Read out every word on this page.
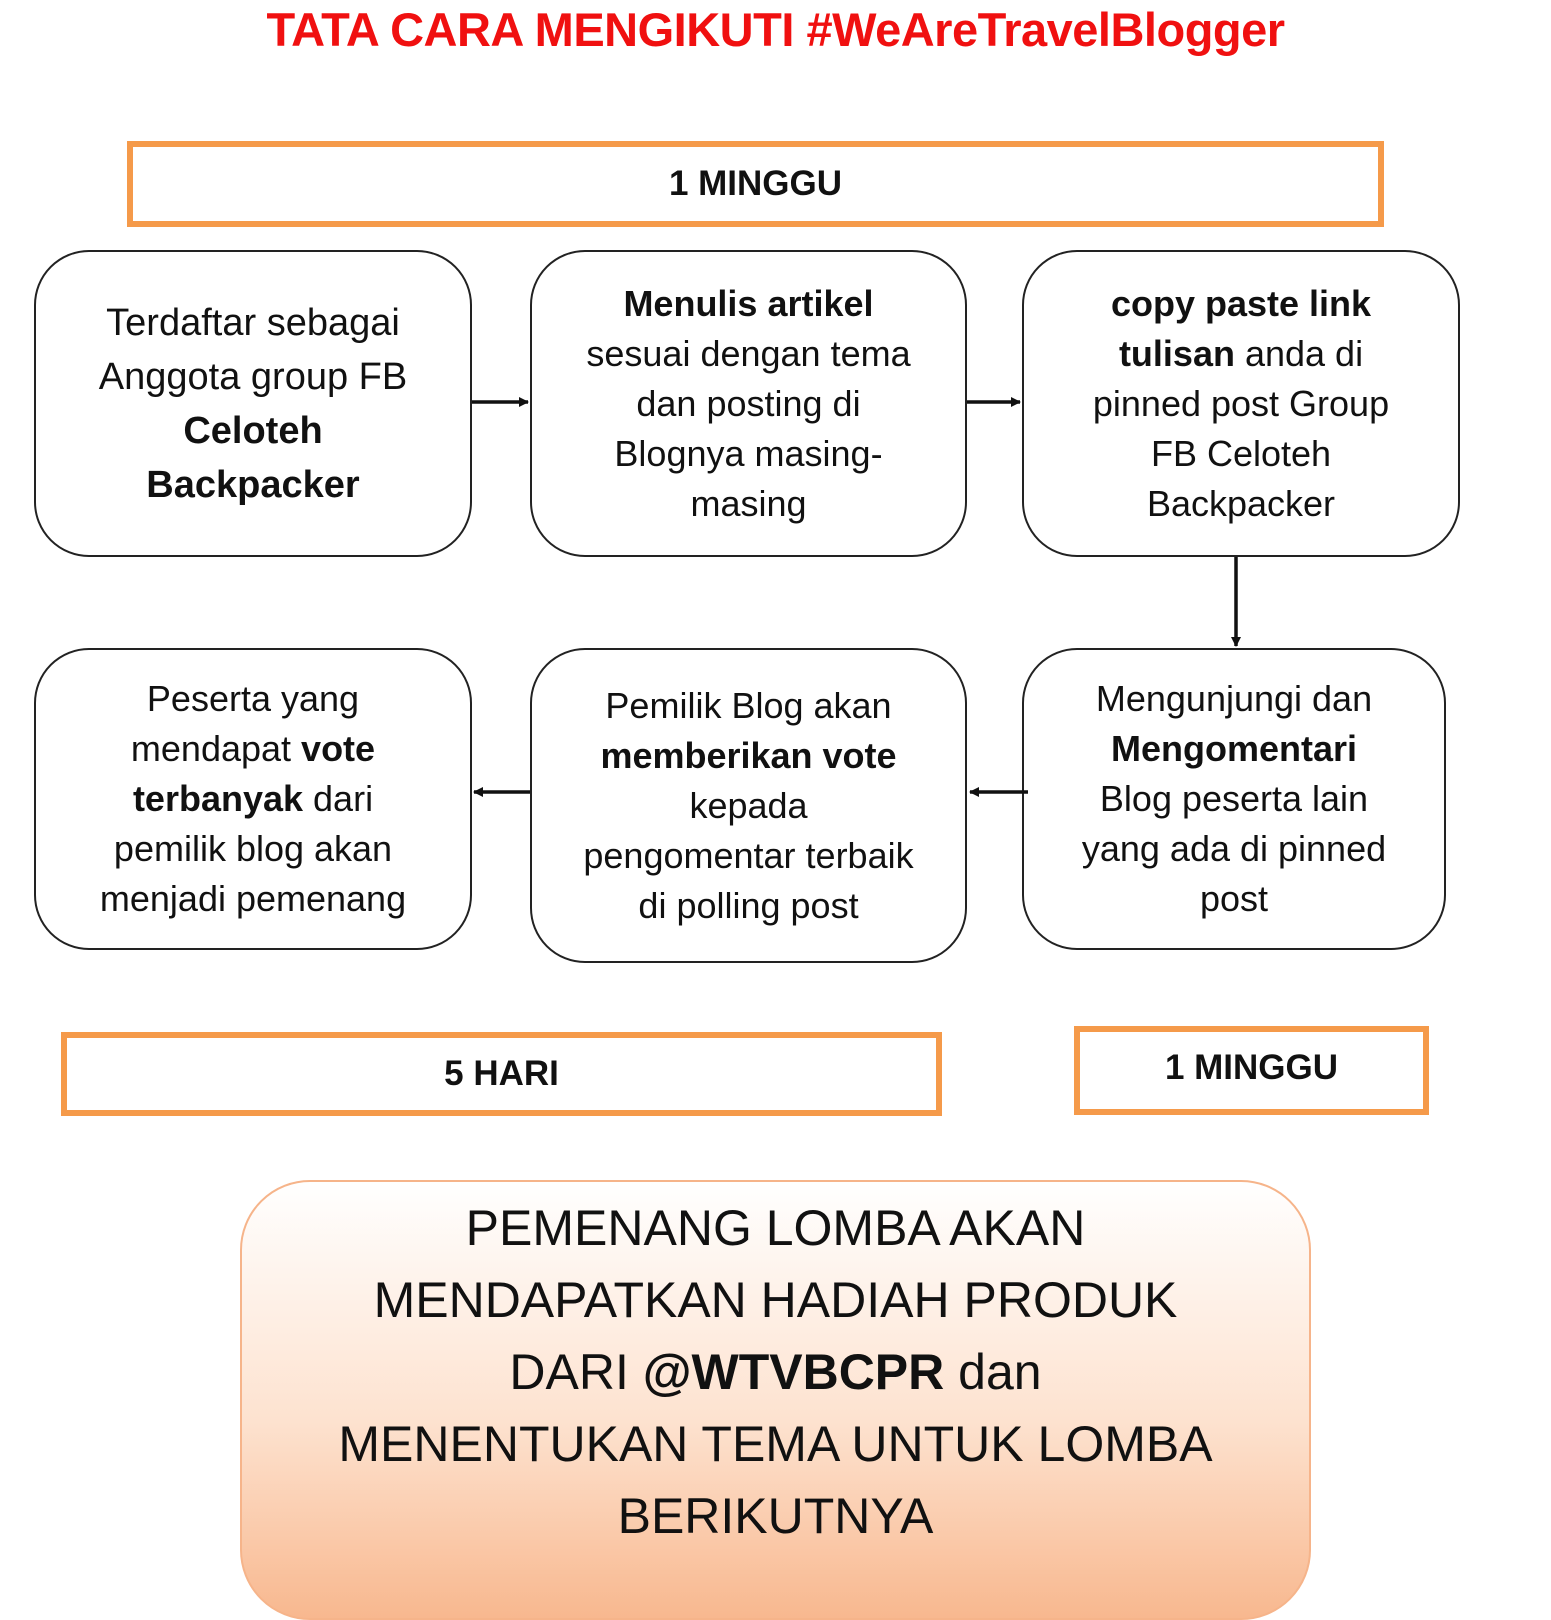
TATA CARA MENGIKUTI #WeAreTravelBlogger
1 MINGGU
Terdaftar sebagai
Anggota group FB
Celoteh
Backpacker
Menulis artikel
sesuai dengan tema
dan posting di
Blognya masing-
masing
copy paste link
tulisan anda di
pinned post Group
FB Celoteh
Backpacker
Peserta yang
mendapat vote
terbanyak dari
pemilik blog akan
menjadi pemenang
Pemilik Blog akan
memberikan vote
kepada
pengomentar terbaik
di polling post
Mengunjungi dan
Mengomentari
Blog peserta lain
yang ada di pinned
post
5 HARI	1 MINGGU
PEMENANG LOMBA AKAN
MENDAPATKAN HADIAH PRODUK
DARI @WTVBCPR dan
MENENTUKAN TEMA UNTUK LOMBA
BERIKUTNYA
